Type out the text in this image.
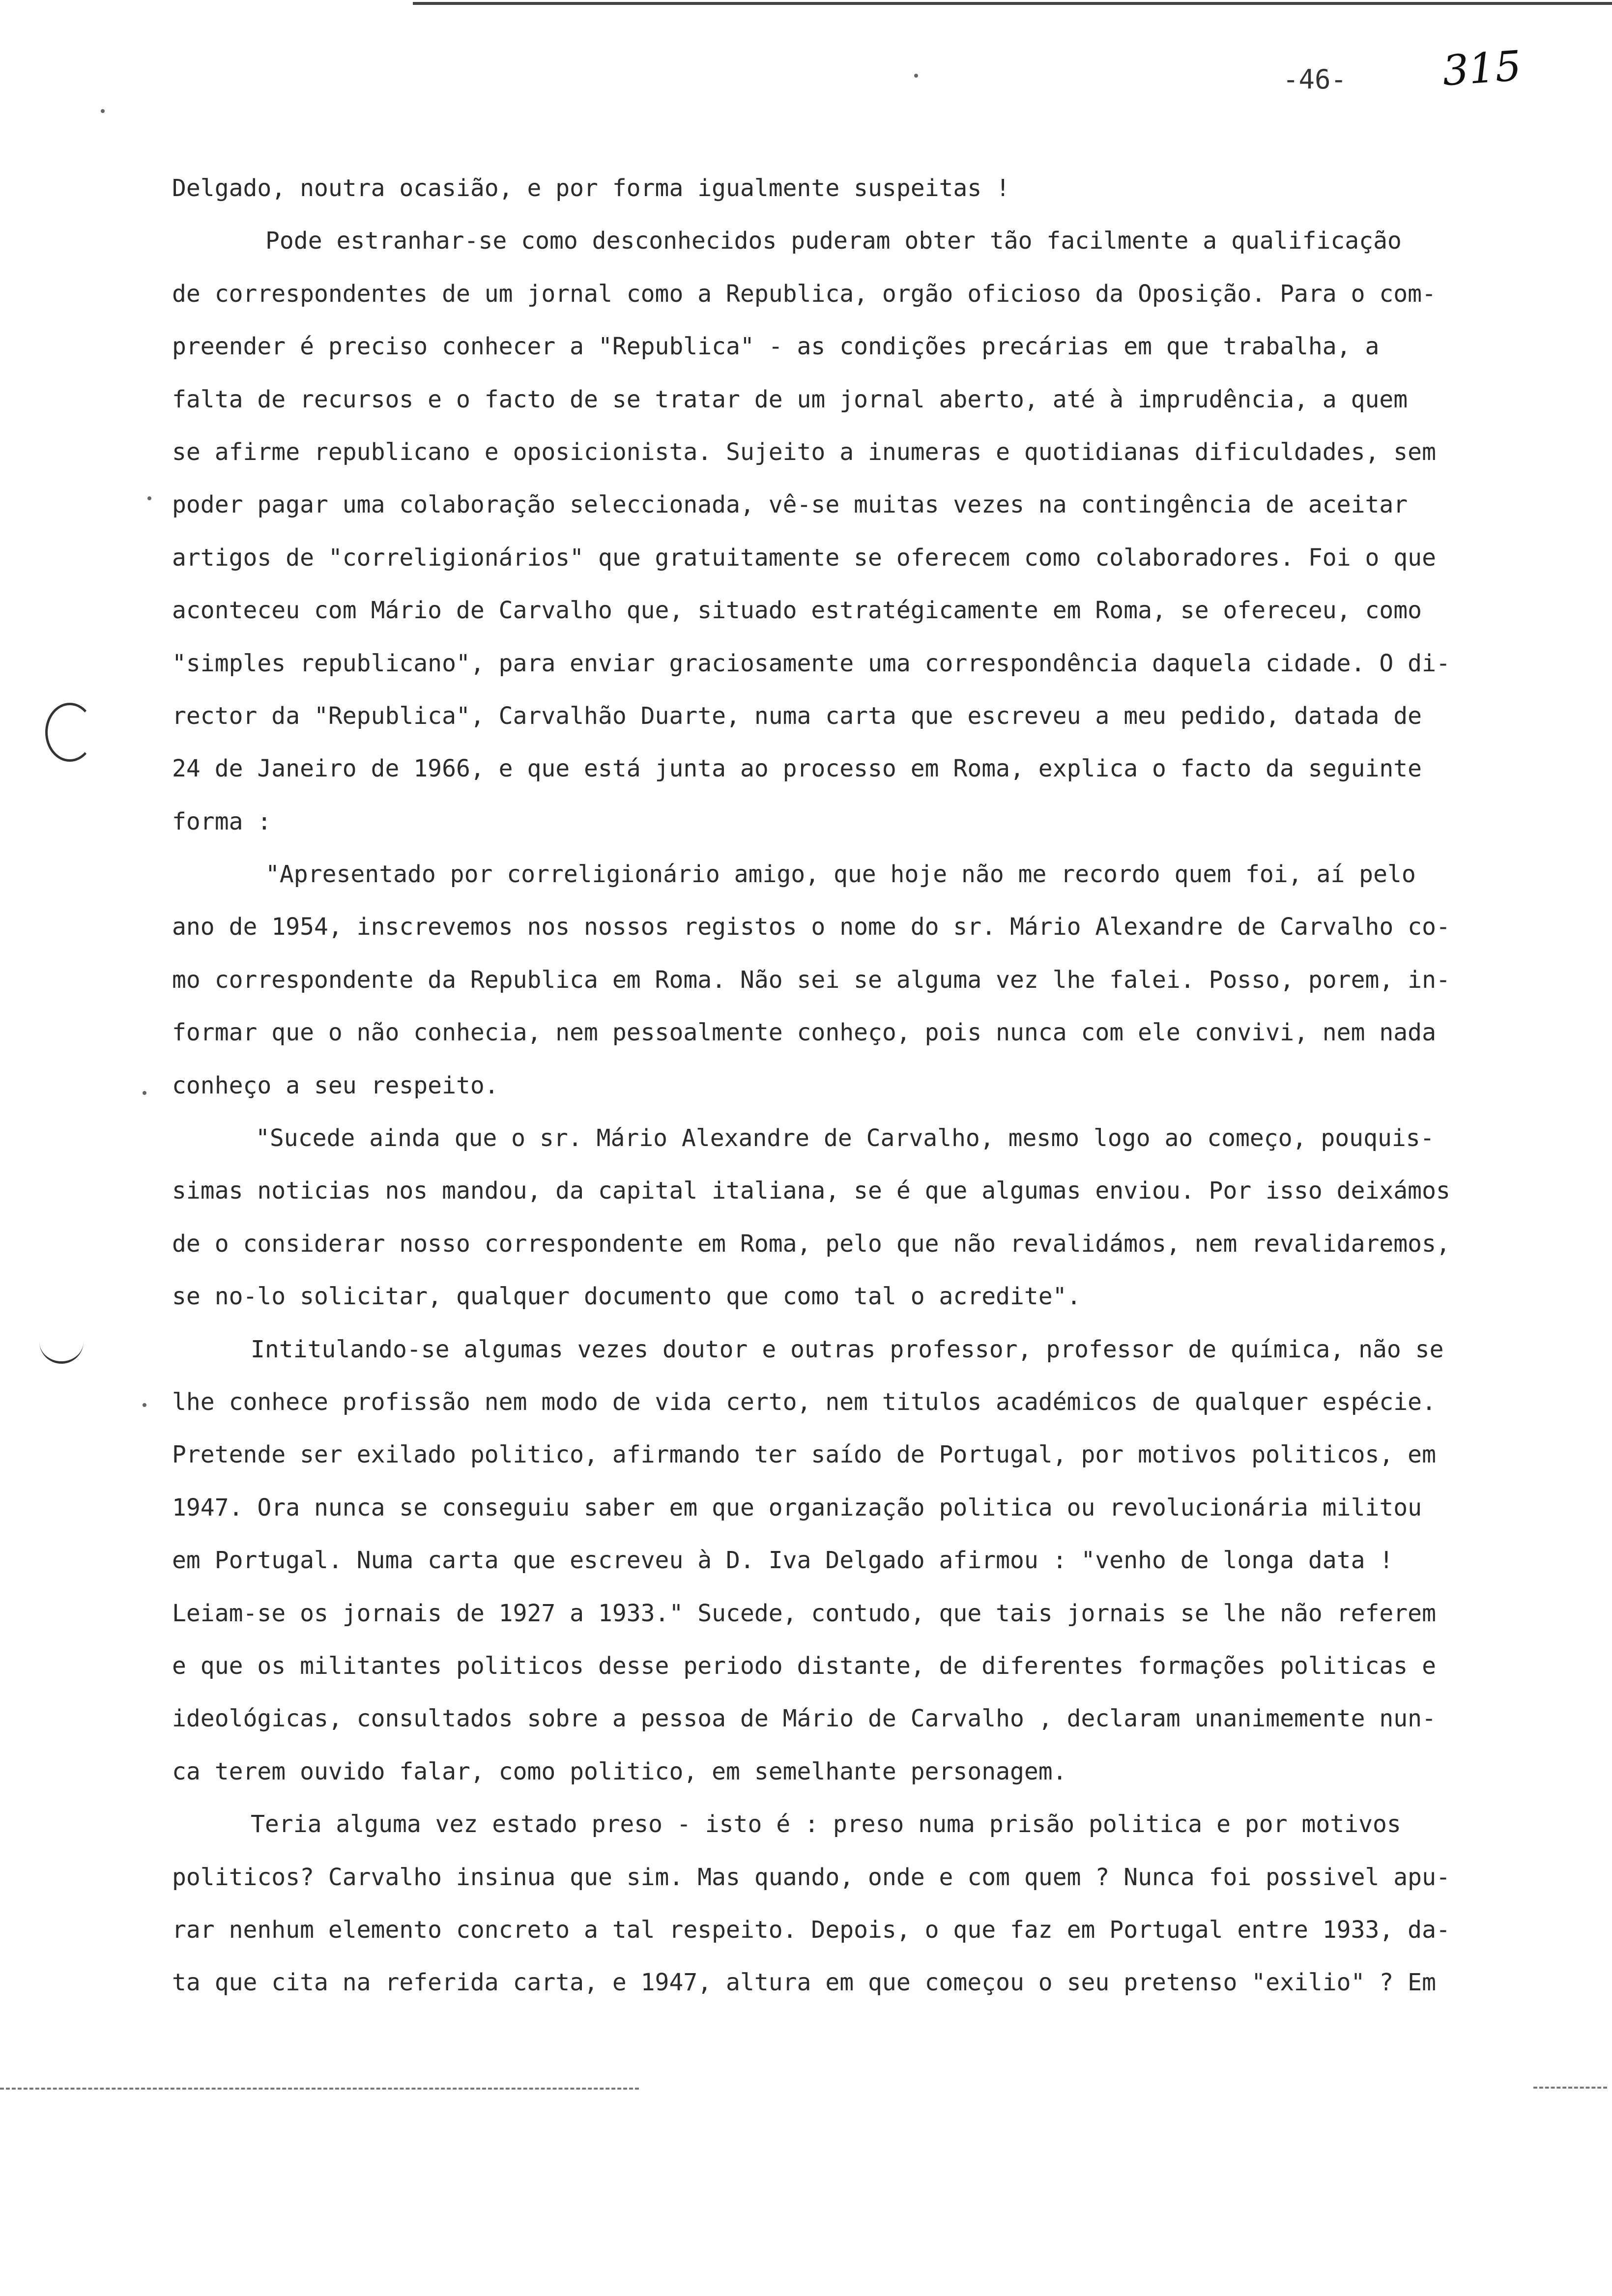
-46- 315
Delgado, noutra ocasião, e por forma igualmente suspeitas !
Pode estranhar-se como desconhecidos puderam obter tão facilmente a qualificação
de correspondentes de um jornal como a Republica, orgão oficioso da Oposição. Para o com-
preender é preciso conhecer a "Republica" - as condições precárias em que trabalha, a
falta de recursos e o facto de se tratar de um jornal aberto, até à imprudência, a quem
se afirme republicano e oposicionista. Sujeito a inumeras e quotidianas dificuldades, sem
poder pagar uma colaboração seleccionada, vê-se muitas vezes na contingência de aceitar
artigos de "correligionários" que gratuitamente se oferecem como colaboradores. Foi o que
aconteceu com Mário de Carvalho que, situado estratégicamente em Roma, se ofereceu, como
"simples republicano", para enviar graciosamente uma correspondência daquela cidade. O di-
rector da "Republica", Carvalhão Duarte, numa carta que escreveu a meu pedido, datada de
24 de Janeiro de 1966, e que está junta ao processo em Roma, explica o facto da seguinte
forma :
"Apresentado por correligionário amigo, que hoje não me recordo quem foi, aí pelo
ano de 1954, inscrevemos nos nossos registos o nome do sr. Mário Alexandre de Carvalho co-
mo correspondente da Republica em Roma. Não sei se alguma vez lhe falei. Posso, porem, in-
formar que o não conhecia, nem pessoalmente conheço, pois nunca com ele convivi, nem nada
conheço a seu respeito.
"Sucede ainda que o sr. Mário Alexandre de Carvalho, mesmo logo ao começo, pouquis-
simas noticias nos mandou, da capital italiana, se é que algumas enviou. Por isso deixámos
de o considerar nosso correspondente em Roma, pelo que não revalidámos, nem revalidaremos,
se no-lo solicitar, qualquer documento que como tal o acredite".
Intitulando-se algumas vezes doutor e outras professor, professor de química, não se
lhe conhece profissão nem modo de vida certo, nem titulos académicos de qualquer espécie.
Pretende ser exilado politico, afirmando ter saído de Portugal, por motivos politicos, em
1947. Ora nunca se conseguiu saber em que organização politica ou revolucionária militou
em Portugal. Numa carta que escreveu à D. Iva Delgado afirmou : "venho de longa data !
Leiam-se os jornais de 1927 a 1933." Sucede, contudo, que tais jornais se lhe não referem
e que os militantes politicos desse periodo distante, de diferentes formações politicas e
ideológicas, consultados sobre a pessoa de Mário de Carvalho , declaram unanimemente nun-
ca terem ouvido falar, como politico, em semelhante personagem.
Teria alguma vez estado preso - isto é : preso numa prisão politica e por motivos
politicos? Carvalho insinua que sim. Mas quando, onde e com quem ? Nunca foi possivel apu-
rar nenhum elemento concreto a tal respeito. Depois, o que faz em Portugal entre 1933, da-
ta que cita na referida carta, e 1947, altura em que começou o seu pretenso "exilio" ? Em
